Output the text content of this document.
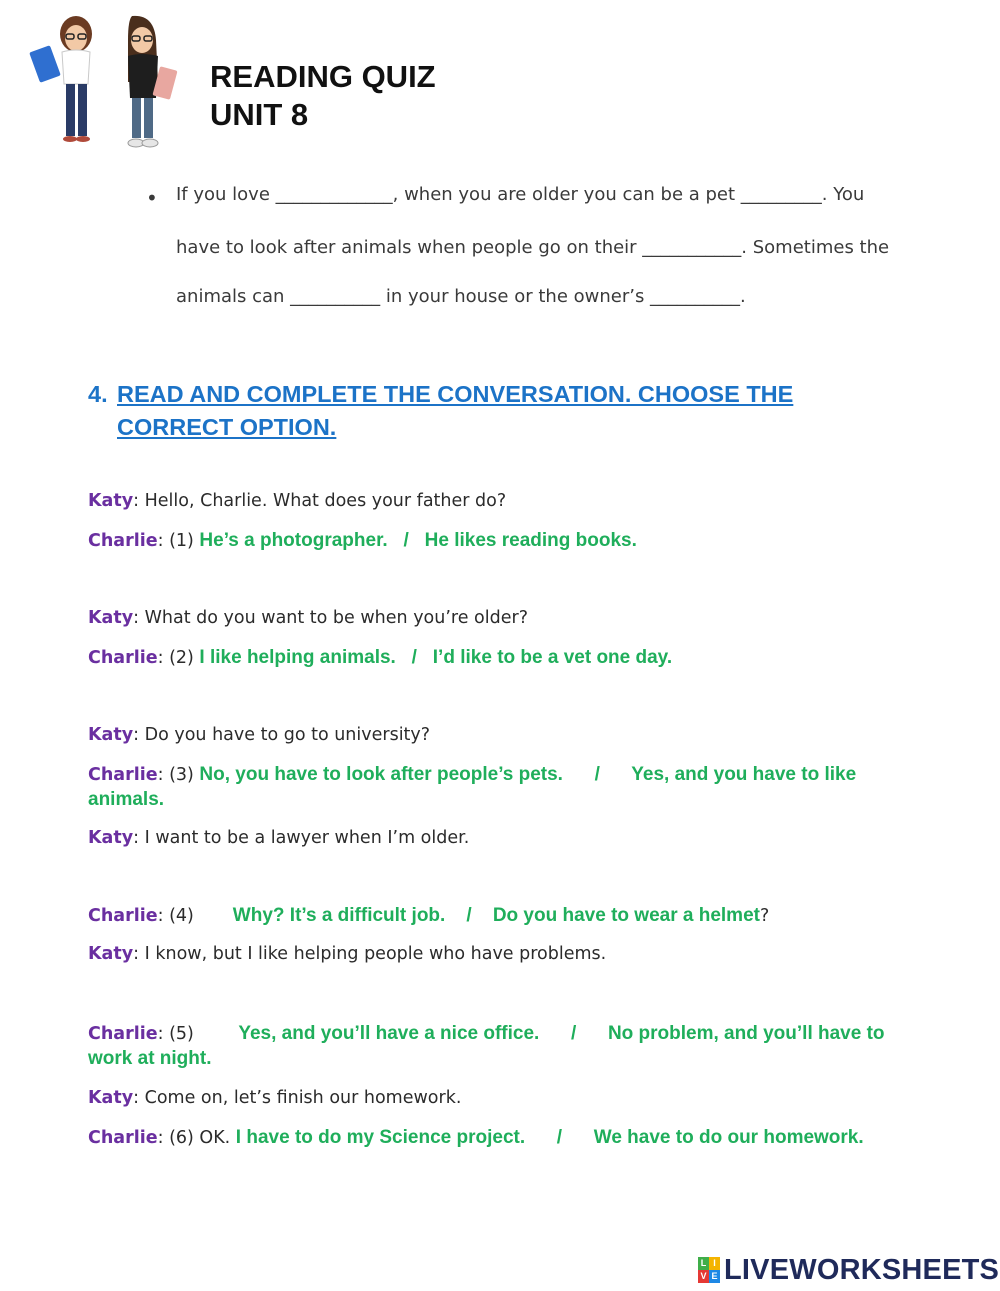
READING QUIZ
UNIT 8
• If you love _____________, when you are older you can be a pet _________. You
have to look after animals when people go on their ___________. Sometimes the
animals can __________ in your house or the owner’s __________.
4. READ AND COMPLETE THE CONVERSATION. CHOOSE THE
CORRECT OPTION.
Katy: Hello, Charlie. What does your father do?
Charlie: (1) He’s a photographer.   /   He likes reading books.
Katy: What do you want to be when you’re older?
Charlie: (2) I like helping animals.   /   I’d like to be a vet one day.
Katy: Do you have to go to university?
Charlie: (3) No, you have to look after people’s pets.      /      Yes, and you have to like
animals.
Katy: I want to be a lawyer when I’m older.
Charlie: (4)       Why? It’s a difficult job.    /    Do you have to wear a helmet?
Katy: I know, but I like helping people who have problems.
Charlie: (5)        Yes, and you’ll have a nice office.      /      No problem, and you’ll have to
work at night.
Katy: Come on, let’s finish our homework.
Charlie: (6) OK. I have to do my Science project.      /      We have to do our homework.
L I
V E LIVEWORKSHEETS
